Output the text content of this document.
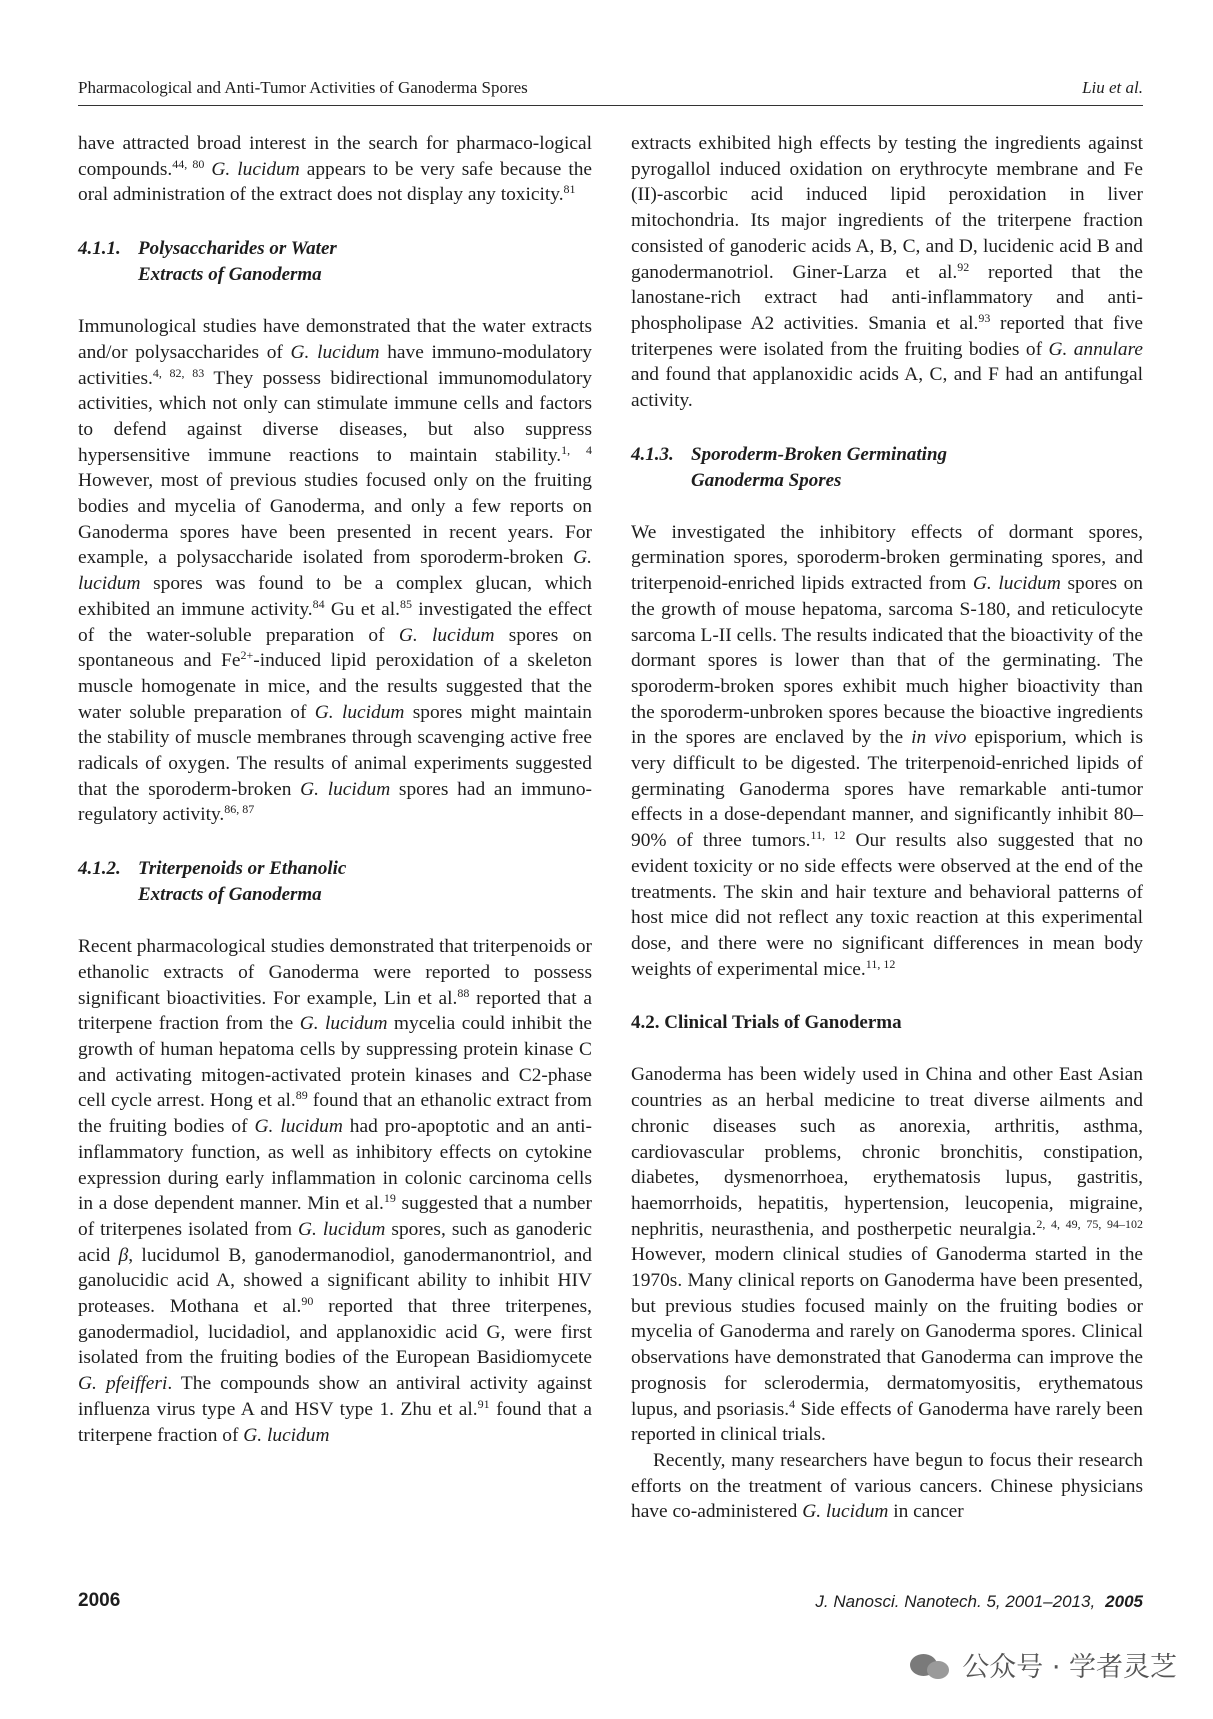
Pharmacological and Anti-Tumor Activities of Ganoderma Spores	Liu et al.

have attracted broad interest in the search for pharmaco-logical compounds.$^{44, 80}$ G. lucidum appears to be very safe because the oral administration of the extract does not display any toxicity.$^{81}$

4.1.1. Polysaccharides or Water
Extracts of Ganoderma

Immunological studies have demonstrated that the water extracts and/or polysaccharides of G. lucidum have immuno-modulatory activities.$^{4, 82, 83}$ They possess bidirectional immunomodulatory activities, which not only can stimulate immune cells and factors to defend against diverse diseases, but also suppress hypersensitive immune reactions to maintain stability.$^{1, 4}$ However, most of previous studies focused only on the fruiting bodies and mycelia of Ganoderma, and only a few reports on Ganoderma spores have been presented in recent years. For example, a polysaccharide isolated from sporoderm-broken G. lucidum spores was found to be a complex glucan, which exhibited an immune activity.$^{84}$ Gu et al.$^{85}$ investigated the effect of the water-soluble preparation of G. lucidum spores on spontaneous and $Fe^{2+}$-induced lipid peroxidation of a skeleton muscle homogenate in mice, and the results suggested that the water soluble preparation of G. lucidum spores might maintain the stability of muscle membranes through scavenging active free radicals of oxygen. The results of animal experiments suggested that the sporoderm-broken G. lucidum spores had an immuno-regulatory activity.$^{86, 87}$

4.1.2. Triterpenoids or Ethanolic
Extracts of Ganoderma

Recent pharmacological studies demonstrated that triterpenoids or ethanolic extracts of Ganoderma were reported to possess significant bioactivities. For example, Lin et al.$^{88}$ reported that a triterpene fraction from the G. lucidum mycelia could inhibit the growth of human hepatoma cells by suppressing protein kinase C and activating mitogen-activated protein kinases and C2-phase cell cycle arrest. Hong et al.$^{89}$ found that an ethanolic extract from the fruiting bodies of G. lucidum had pro-apoptotic and an anti-inflammatory function, as well as inhibitory effects on cytokine expression during early inflammation in colonic carcinoma cells in a dose dependent manner. Min et al.$^{19}$ suggested that a number of triterpenes isolated from G. lucidum spores, such as ganoderic acid β, lucidumol B, ganodermanodiol, ganodermanontriol, and ganolucidic acid A, showed a significant ability to inhibit HIV proteases. Mothana et al.$^{90}$ reported that three triterpenes, ganodermadiol, lucidadiol, and applanoxidic acid G, were first isolated from the fruiting bodies of the European Basidiomycete G. pfeifferi. The compounds show an antiviral activity against influenza virus type A and HSV type 1. Zhu et al.$^{91}$ found that a triterpene fraction of G. lucidum

extracts exhibited high effects by testing the ingredients against pyrogallol induced oxidation on erythrocyte membrane and Fe (II)-ascorbic acid induced lipid peroxidation in liver mitochondria. Its major ingredients of the triterpene fraction consisted of ganoderic acids A, B, C, and D, lucidenic acid B and ganodermanotriol. Giner-Larza et al.$^{92}$ reported that the lanostane-rich extract had anti-inflammatory and anti-phospholipase A2 activities. Smania et al.$^{93}$ reported that five triterpenes were isolated from the fruiting bodies of G. annulare and found that applanoxidic acids A, C, and F had an antifungal activity.

4.1.3. Sporoderm-Broken Germinating
Ganoderma Spores

We investigated the inhibitory effects of dormant spores, germination spores, sporoderm-broken germinating spores, and triterpenoid-enriched lipids extracted from G. lucidum spores on the growth of mouse hepatoma, sarcoma S-180, and reticulocyte sarcoma L-II cells. The results indicated that the bioactivity of the dormant spores is lower than that of the germinating. The sporoderm-broken spores exhibit much higher bioactivity than the sporoderm-unbroken spores because the bioactive ingredients in the spores are enclaved by the in vivo episporium, which is very difficult to be digested. The triterpenoid-enriched lipids of germinating Ganoderma spores have remarkable anti-tumor effects in a dose-dependant manner, and significantly inhibit 80–90% of three tumors.$^{11, 12}$ Our results also suggested that no evident toxicity or no side effects were observed at the end of the treatments. The skin and hair texture and behavioral patterns of host mice did not reflect any toxic reaction at this experimental dose, and there were no significant differences in mean body weights of experimental mice.$^{11, 12}$

4.2. Clinical Trials of Ganoderma

Ganoderma has been widely used in China and other East Asian countries as an herbal medicine to treat diverse ailments and chronic diseases such as anorexia, arthritis, asthma, cardiovascular problems, chronic bronchitis, constipation, diabetes, dysmenorrhoea, erythematosis lupus, gastritis, haemorrhoids, hepatitis, hypertension, leucopenia, migraine, nephritis, neurasthenia, and postherpetic neuralgia.$^{2, 4, 49, 75, 94-102}$ However, modern clinical studies of Ganoderma started in the 1970s. Many clinical reports on Ganoderma have been presented, but previous studies focused mainly on the fruiting bodies or mycelia of Ganoderma and rarely on Ganoderma spores. Clinical observations have demonstrated that Ganoderma can improve the prognosis for sclerodermia, dermatomyositis, erythematous lupus, and psoriasis.$^4$ Side effects of Ganoderma have rarely been reported in clinical trials.

Recently, many researchers have begun to focus their research efforts on the treatment of various cancers. Chinese physicians have co-administered G. lucidum in cancer

2006	J. Nanosci. Nanotech. 5, 2001–2013, 2005
公众号 · 学者灵芝
